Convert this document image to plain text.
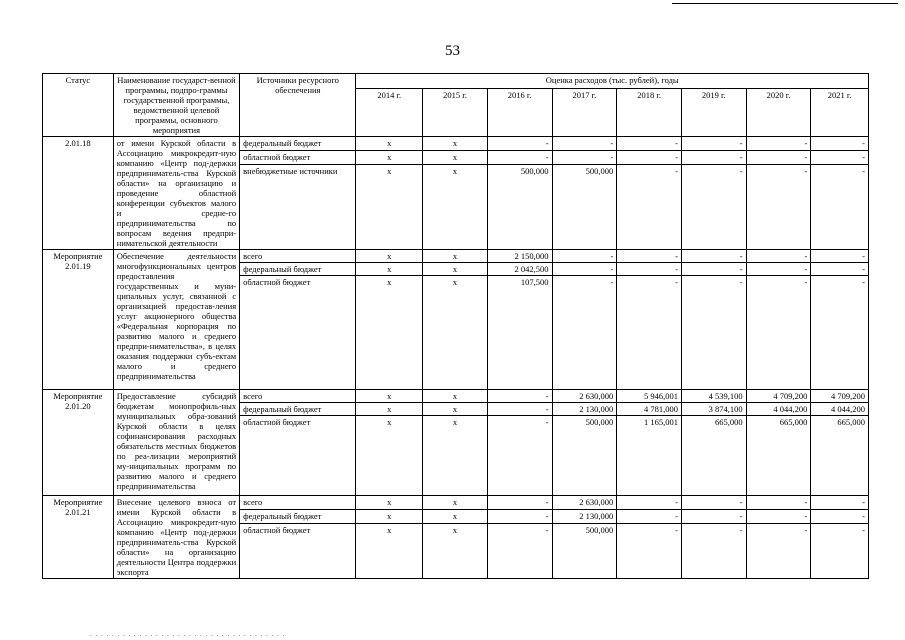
53
Статус	Наименование государст-венной программы, подпро-граммы государственной программы, ведомственной целевой программы, основного мероприятия	Источники ресурсного обеспечения	Оценка расходов (тыс. рублей), годы							
			2014 г.	2015 г.	2016 г.	2017 г.	2018 г.	2019 г.	2020 г.	2021 г.
2.01.18	от имени Курской области в Ассоциацию микрокредит-ную компанию «Центр под-держки предприниматель-ства Курской области» на организацию и проведение областной конференции субъектов малого и средне-го предпринимательства по вопросам ведения предпри-нимательской деятельности	федеральный бюджет	x	x	-	-	-	-	-	-
		областной бюджет	x	x	-	-	-	-	-	-
		внебюджетные источники	x	x	500,000	500,000	-	-	-	-
Мероприятие 2.01.19	Обеспечение деятельности многофункциональных центров предоставления государственных и муни-ципальных услуг, связанной с организацией предостав-ления услуг акционерного общества «Федеральная корпорация по развитию малого и среднего предпри-нимательства», в целях оказания поддержки субъ-ектам малого и среднего предпринимательства	всего	x	x	2 150,000	-	-	-	-	-
		федеральный бюджет	x	x	2 042,500	-	-	-	-	-
		областной бюджет	x	x	107,500	-	-	-	-	-
Мероприятие 2.01.20	Предоставление субсидий бюджетам монопрофиль-ных муниципальных обра-зований Курской области в целях софинансирования расходных обязательств местных бюджетов по реа-лизации мероприятий му-ниципальных программ по развитию малого и среднего предпринимательства	всего	x	x	-	2 630,000	5 946,001	4 539,100	4 709,200	4 709,200
		федеральный бюджет	x	x	-	2 130,000	4 781,000	3 874,100	4 044,200	4 044,200
		областной бюджет	x	x	-	500,000	1 165,001	665,000	665,000	665,000
Мероприятие 2.01.21	Внесение целевого взноса от имени Курской области в Ассоциацию микрокредит-ную компанию «Центр под-держки предприниматель-ства Курской области» на организацию деятельности Центра поддержки экспорта	всего	x	x	-	2 630,000	-	-	-	-
		федеральный бюджет	x	x	-	2 130,000	-	-	-	-
		областной бюджет	x	x	-	500,000	-	-	-	-
. . . . . . . . . . . . . . . . . . . . . . . . . . . . . . . . . . . .
